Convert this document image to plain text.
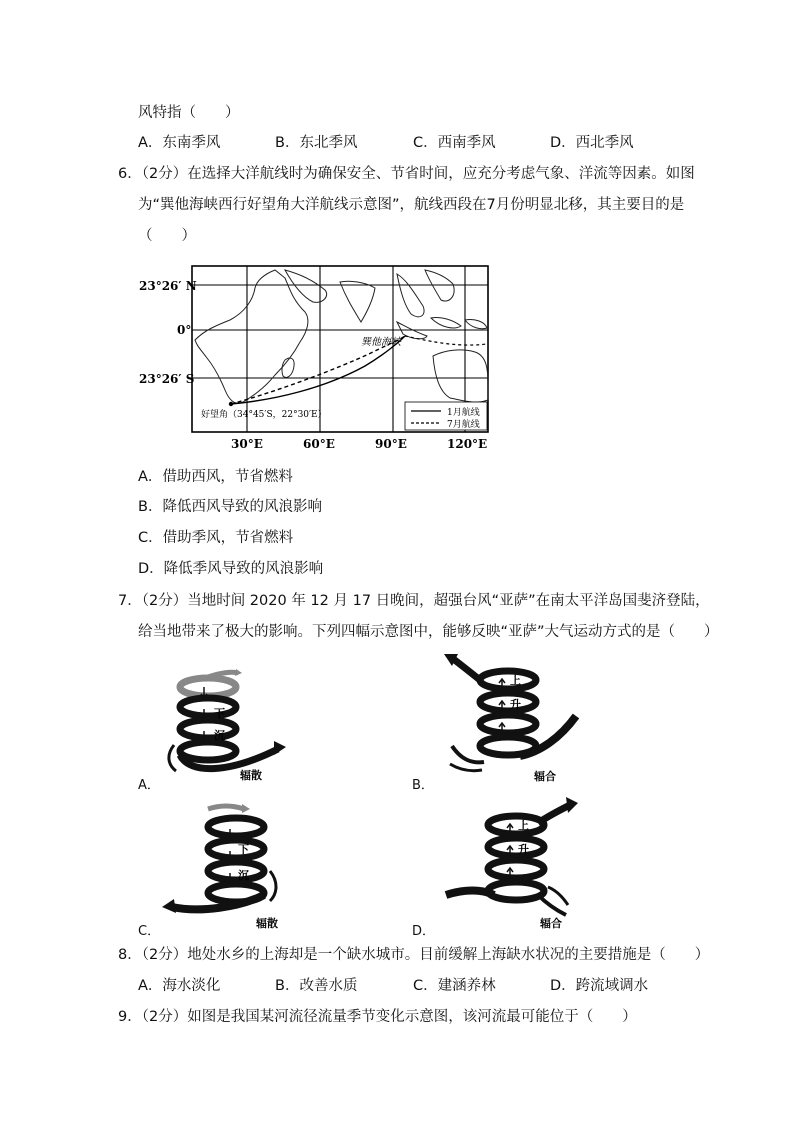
风特指（　　）
A．东南季风	B．东北季风	C．西南季风	D．西北季风
6．（2分）在选择大洋航线时为确保安全、节省时间，应充分考虑气象、洋流等因素。如图
为“巽他海峡西行好望角大洋航线示意图”，航线西段在7月份明显北移，其主要目的是
（　　）
23°26′ N
0°
23°26′ S
30°E	60°E	90°E	120°E
巽他海峡
好望角（34°45′S，22°30′E）	1月航线
7月航线
A．借助西风，节省燃料
B．降低西风导致的风浪影响
C．借助季风，节省燃料
D．降低季风导致的风浪影响
7．（2分）当地时间 2020 年 12 月 17 日晚间，超强台风“亚萨”在南太平洋岛国斐济登陆，
给当地带来了极大的影响。下列四幅示意图中，能够反映“亚萨”大气运动方式的是（　　）
下
沉
辐散
A．
上
升
辐合
B．
下
沉
辐散
C．
上
升
辐合
D．
8．（2分）地处水乡的上海却是一个缺水城市。目前缓解上海缺水状况的主要措施是（　　）
A．海水淡化	B．改善水质	C．建涵养林	D．跨流域调水
9．（2分）如图是我国某河流径流量季节变化示意图，该河流最可能位于（　　）
